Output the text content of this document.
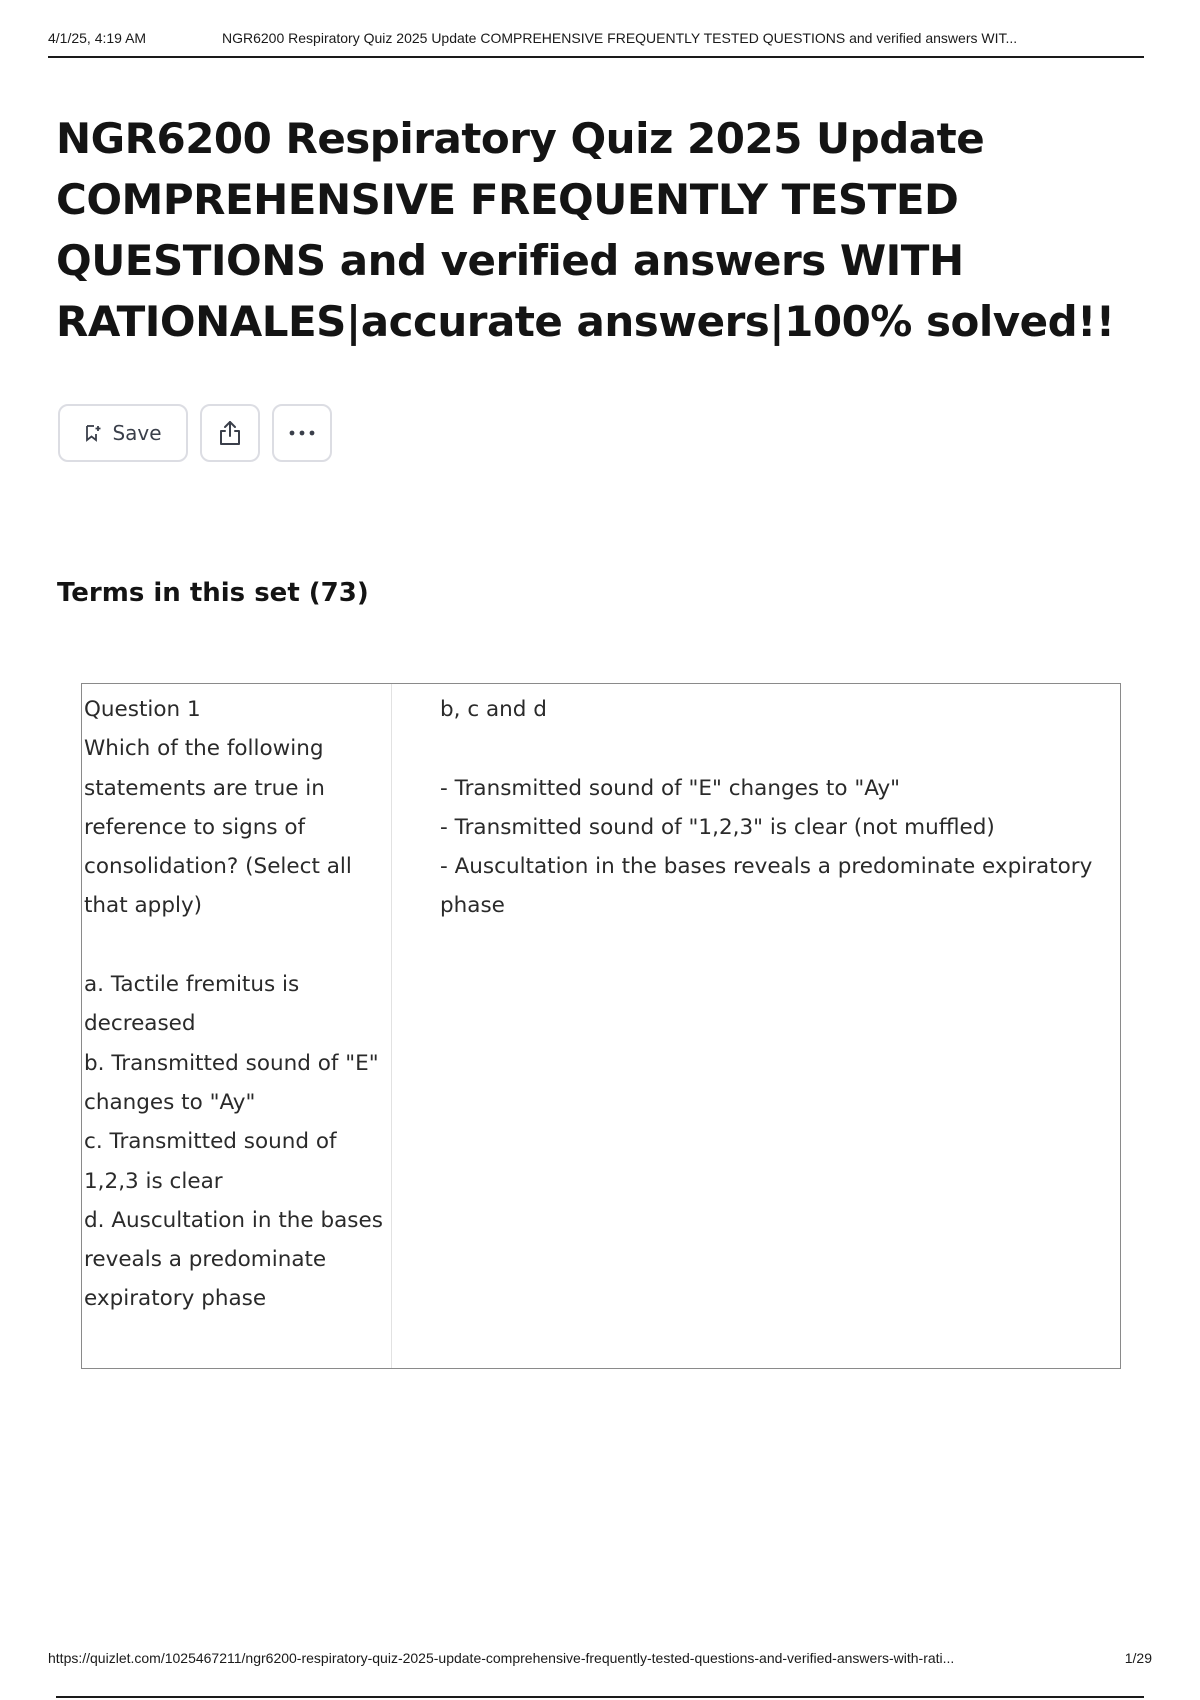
4/1/25, 4:19 AM	NGR6200 Respiratory Quiz 2025 Update COMPREHENSIVE FREQUENTLY TESTED QUESTIONS and verified answers WIT...
NGR6200 Respiratory Quiz 2025 Update COMPREHENSIVE FREQUENTLY TESTED QUESTIONS and verified answers WITH RATIONALES|accurate answers|100% solved!!
Save
Terms in this set (73)
Question 1
Which of the following statements are true in reference to signs of consolidation? (Select all that apply)

a. Tactile fremitus is decreased
b. Transmitted sound of "E" changes to "Ay"
c. Transmitted sound of 1,2,3 is clear
d. Auscultation in the bases reveals a predominate expiratory phase
b, c and d

- Transmitted sound of "E" changes to "Ay"
- Transmitted sound of "1,2,3" is clear (not muffled)
- Auscultation in the bases reveals a predominate expiratory phase
https://quizlet.com/1025467211/ngr6200-respiratory-quiz-2025-update-comprehensive-frequently-tested-questions-and-verified-answers-with-rati...	1/29
